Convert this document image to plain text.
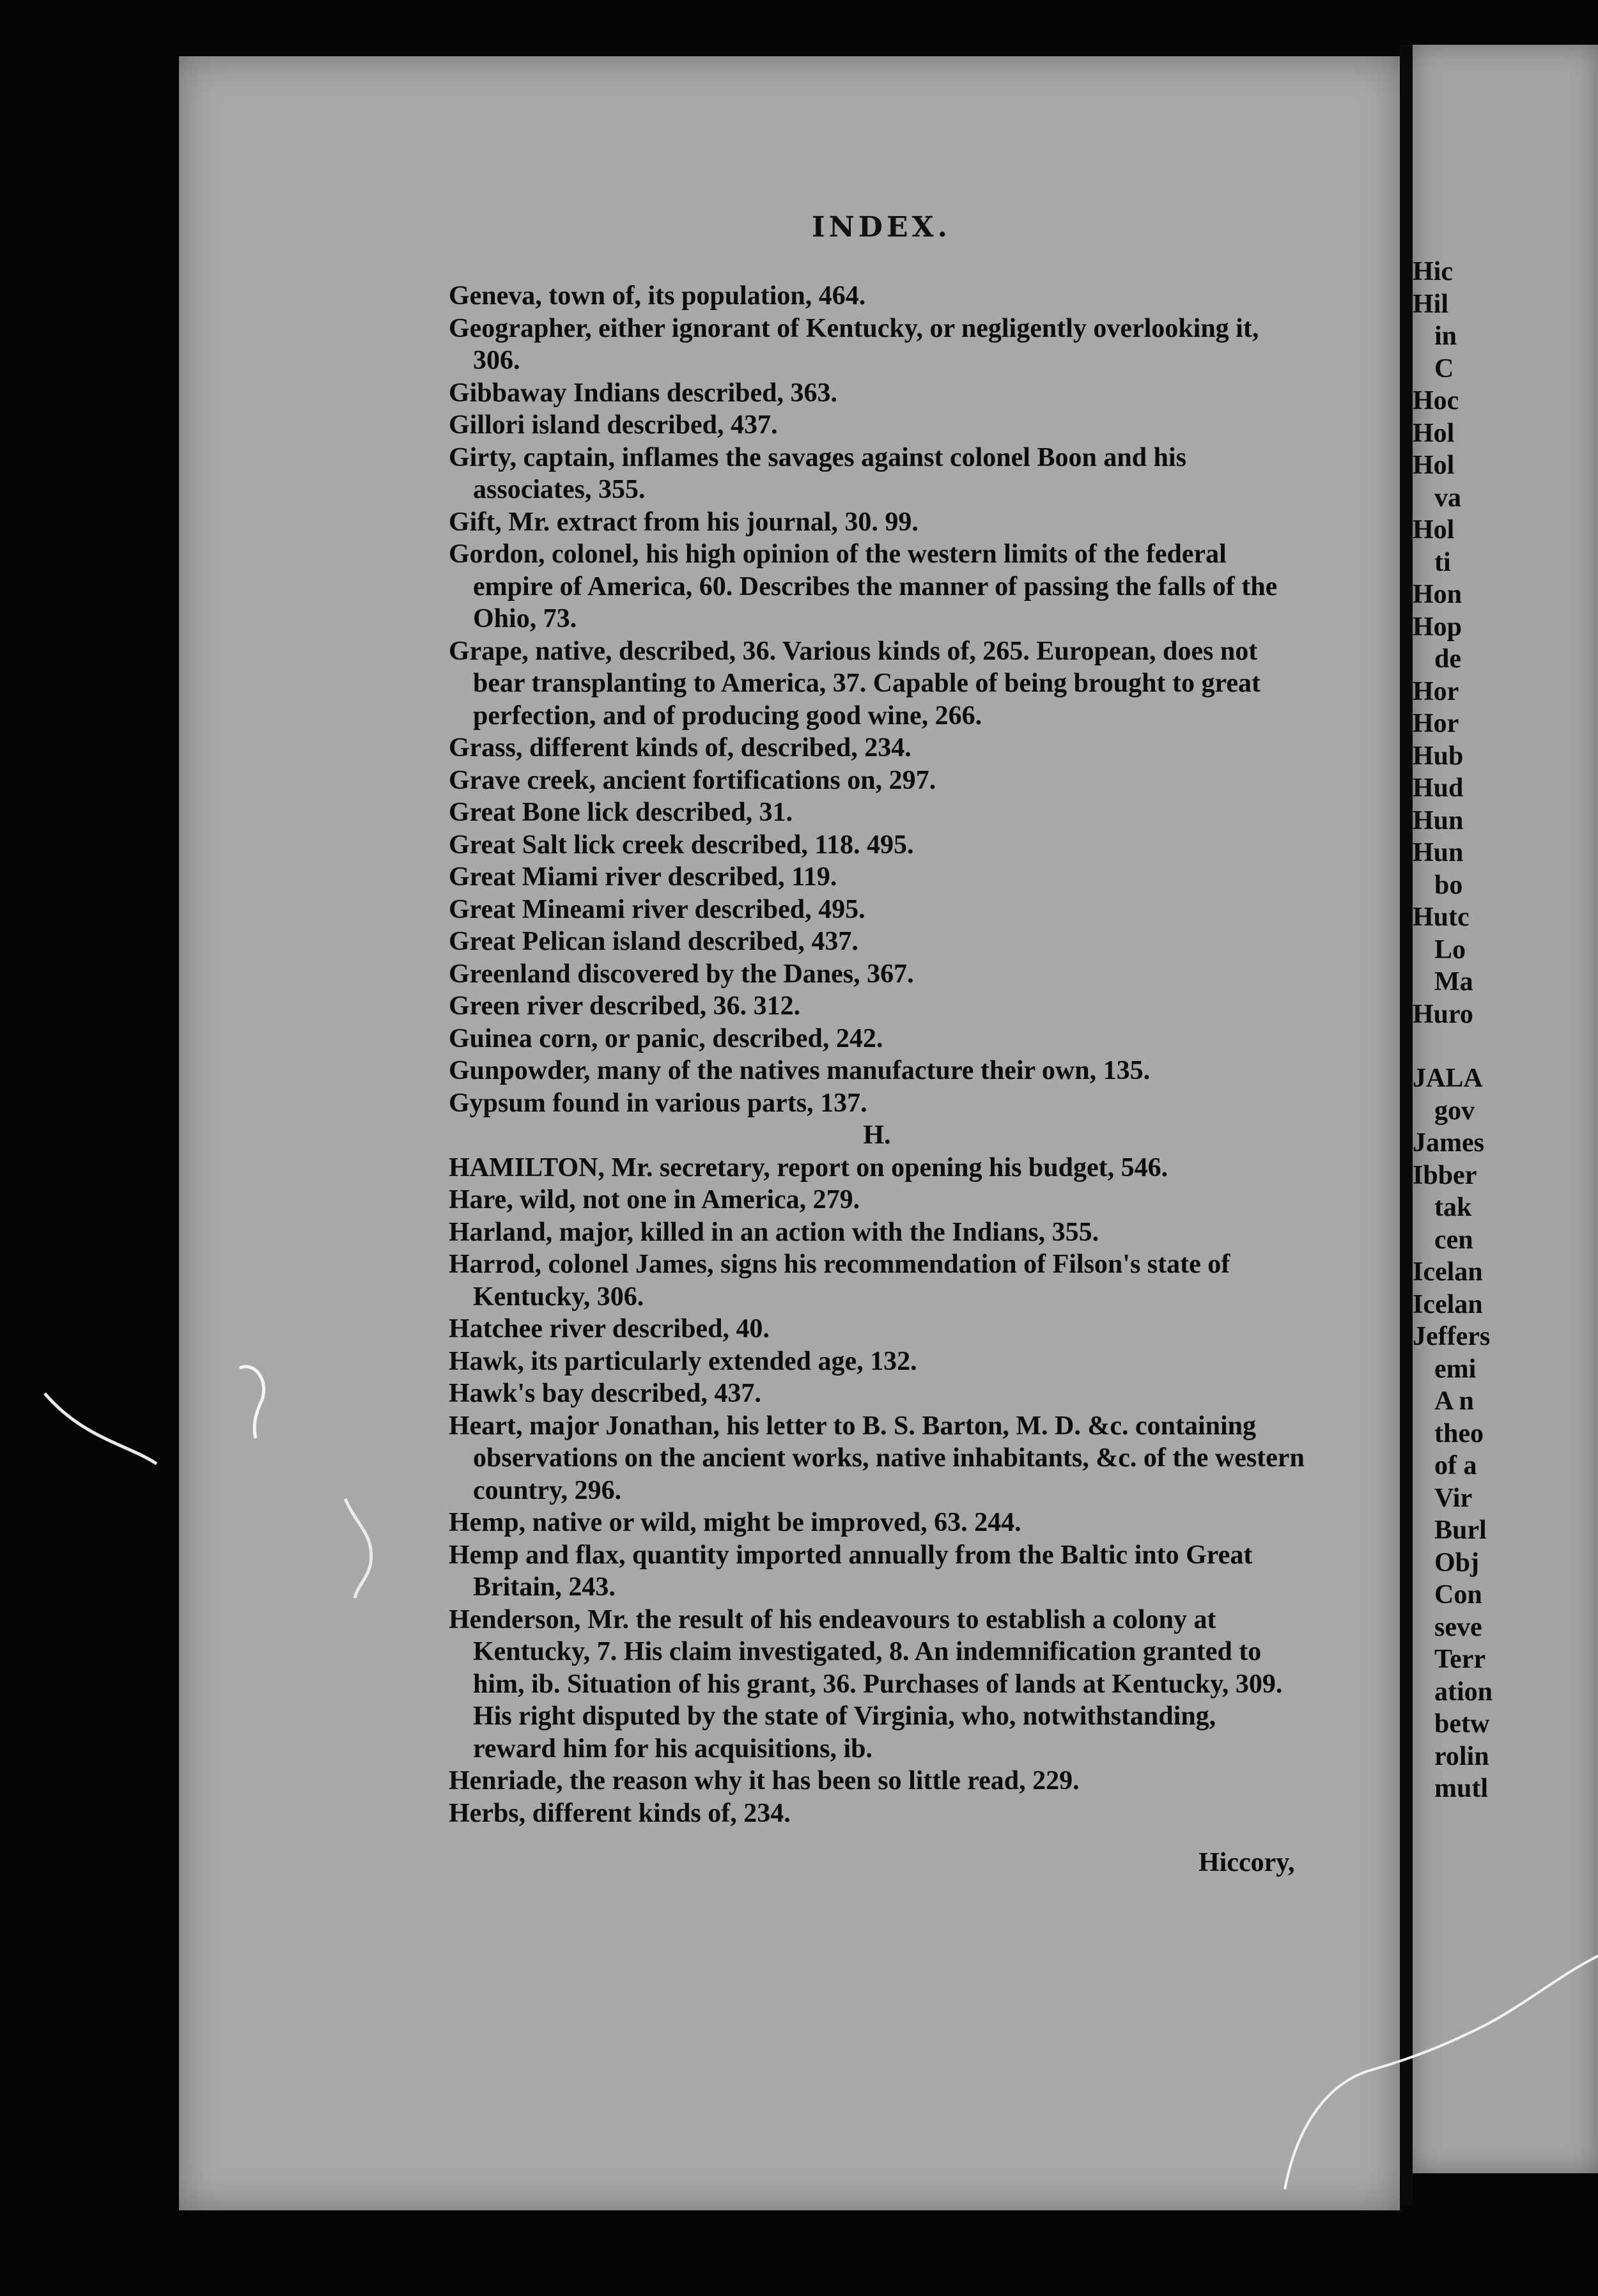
INDEX.
Geneva, town of, its population, 464.
Geographer, either ignorant of Kentucky, or negligently overlooking it, 306.
Gibbaway Indians described, 363.
Gillori island described, 437.
Girty, captain, inflames the savages against colonel Boon and his associates, 355.
Gift, Mr. extract from his journal, 30. 99.
Gordon, colonel, his high opinion of the western limits of the federal empire of America, 60. Describes the manner of passing the falls of the Ohio, 73.
Grape, native, described, 36. Various kinds of, 265. European, does not bear transplanting to America, 37. Capable of being brought to great perfection, and of producing good wine, 266.
Grass, different kinds of, described, 234.
Grave creek, ancient fortifications on, 297.
Great Bone lick described, 31.
Great Salt lick creek described, 118. 495.
Great Miami river described, 119.
Great Mineami river described, 495.
Great Pelican island described, 437.
Greenland discovered by the Danes, 367.
Green river described, 36. 312.
Guinea corn, or panic, described, 242.
Gunpowder, many of the natives manufacture their own, 135.
Gypsum found in various parts, 137.
H.
HAMILTON, Mr. secretary, report on opening his budget, 546.
Hare, wild, not one in America, 279.
Harland, major, killed in an action with the Indians, 355.
Harrod, colonel James, signs his recommendation of Filson's state of Kentucky, 306.
Hatchee river described, 40.
Hawk, its particularly extended age, 132.
Hawk's bay described, 437.
Heart, major Jonathan, his letter to B. S. Barton, M. D. &c. containing observations on the ancient works, native inhabitants, &c. of the western country, 296.
Hemp, native or wild, might be improved, 63. 244.
Hemp and flax, quantity imported annually from the Baltic into Great Britain, 243.
Henderson, Mr. the result of his endeavours to establish a colony at Kentucky, 7. His claim investigated, 8. An indemnification granted to him, ib. Situation of his grant, 36. Purchases of lands at Kentucky, 309. His right disputed by the state of Virginia, who, notwithstanding, reward him for his acquisitions, ib.
Henriade, the reason why it has been so little read, 229.
Herbs, different kinds of, 234.
Hiccory,
Hic
Hil
in
C
Hoc
Hol
Hol
va
Hol
ti
Hon
Hop
de
Hor
Hor
Hub
Hud
Hun
Hun
bo
Hutc
Lo
Ma
Huro
JALA
gov
James
Ibber
tak
cen
Icelan
Icelan
Jeffers
emi
A n
theo
of a
Vir
Burl
Obj
Con
seve
Terr
ation
betw
rolin
mutl
